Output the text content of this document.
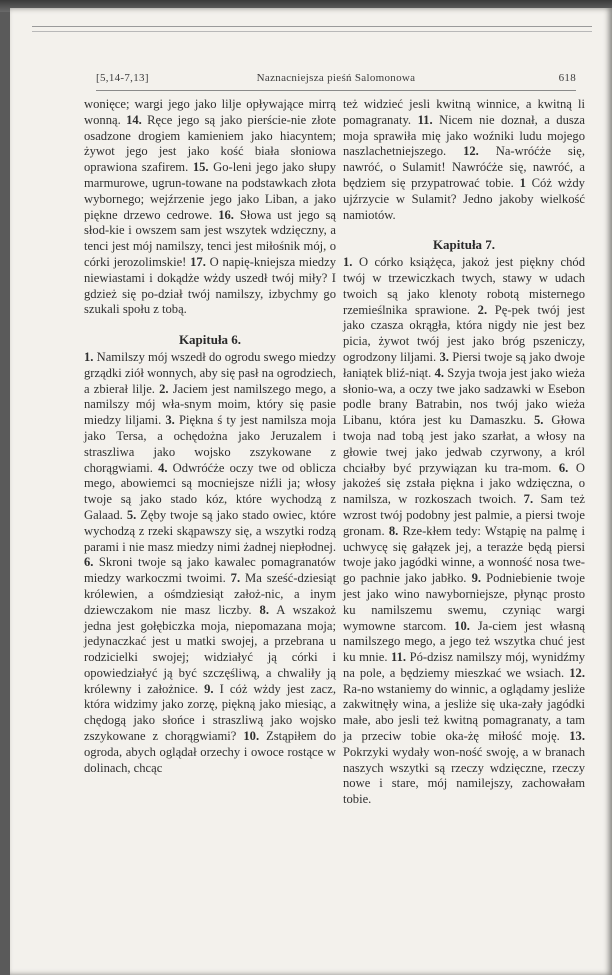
[5,14-7,13]	Naznacniejsza pieśń Salomonowa	618

wonięce; wargi jego jako lilje opływające mirrą wonną. 14. Ręce jego są jako pierście-nie złote osadzone drogiem kamieniem jako hiacyntem; żywot jego jest jako kość biała słoniowa oprawiona szafirem. 15. Go-leni jego jako słupy marmurowe, ugrun-towane na podstawkach złota wybornego; wejźrzenie jego jako Liban, a jako piękne drzewo cedrowe. 16. Słowa ust jego są słod-kie i owszem sam jest wszytek wdzięczny, a tenci jest mój namilszy, tenci jest miłośnik mój, o córki jerozolimskie! 17. O napię-kniejsza miedzy niewiastami i dokądże wżdy uszedł twój miły? I gdzież się po-dział twój namilszy, izbychmy go szukali społu z tobą.

Kapituła 6.

1. Namilszy mój wszedł do ogrodu swego miedzy grządki ziół wonnych, aby się pasł na ogrodziech, a zbierał lilje. 2. Jaciem jest namilszego mego, a namilszy mój wła-snym moim, który się pasie miedzy liljami. 3. Piękna ś ty jest namilsza moja jako Tersa, a ochędożna jako Jeruzalem i straszliwa jako wojsko zszykowane z chorągwiami. 4. Odwróćże oczy twe od oblicza mego, abowiemci są mocniejsze niźli ja; włosy twoje są jako stado kóz, które wychodzą z Galaad. 5. Zęby twoje są jako stado owiec, które wychodzą z rzeki skąpawszy się, a wszytki rodzą parami i nie masz miedzy nimi żadnej niepłodnej. 6. Skroni twoje są jako kawalec pomagranatów miedzy warkoczmi twoimi. 7. Ma sześć-dziesiąt królewien, a ośmdziesiąt założ-nic, a inym dziewczakom nie masz liczby. 8. A wszakoż jedna jest gołębiczka moja, niepomazana moja; jedynaczkać jest u matki swojej, a przebrana u rodzicielki swojej; widziałyć ją córki i opowiedziałyć ją być szczęśliwą, a chwaliły ją królewny i założnice. 9. I cóż wżdy jest zacz, która widzimy jako zorzę, piękną jako miesiąc, a chędogą jako słońce i straszliwą jako wojsko zszykowane z chorągwiami? 10. Zstąpiłem do ogroda, abych oglądał orzechy i owoce rostące w dolinach, chcąc

też widzieć jesli kwitną winnice, a kwitną li pomagranaty. 11. Nicem nie doznał, a dusza moja sprawiła mię jako woźniki ludu mojego naszlachetniejszego. 12. Na-wróćże się, nawróć, o Sulamit! Nawróćże się, nawróć, a będziem się przypatrować tobie. 1 Cóż wżdy ujźrzycie w Sulamit? Jedno jakoby wielkość namiotów.

Kapituła 7.

1. O córko książęca, jakoż jest piękny chód twój w trzewiczkach twych, stawy w udach twoich są jako klenoty robotą misternego rzemieślnika sprawione. 2. Pę-pek twój jest jako czasza okrągła, która nigdy nie jest bez picia, żywot twój jest jako bróg pszeniczy, ogrodzony liljami. 3. Piersi twoje są jako dwoje łaniątek bliź-niąt. 4. Szyja twoja jest jako wieża słonio-wa, a oczy twe jako sadzawki w Esebon podle brany Batrabin, nos twój jako wieża Libanu, która jest ku Damaszku. 5. Głowa twoja nad tobą jest jako szarłat, a włosy na głowie twej jako jedwab czyrwony, a król chciałby być przywiązan ku tra-mom. 6. O jakożeś się zstała piękna i jako wdzięczna, o namilsza, w rozkoszach twoich. 7. Sam też wzrost twój podobny jest palmie, a piersi twoje gronam. 8. Rze-kłem tedy: Wstąpię na palmę i uchwycę się gałązek jej, a terazże będą piersi twoje jako jagódki winne, a wonność nosa twe-go pachnie jako jabłko. 9. Podniebienie twoje jest jako wino nawyborniejsze, płynąc prosto ku namilszemu swemu, czyniąc wargi wymowne starcom. 10. Ja-ciem jest własną namilszego mego, a jego też wszytka chuć jest ku mnie. 11. Pó-dzisz namilszy mój, wynidźmy na pole, a będziemy mieszkać we wsiach. 12. Ra-no wstaniemy do winnic, a oglądamy jesliże zakwitnęły wina, a jesliże się uka-zały jagódki małe, abo jesli też kwitną pomagranaty, a tam ja przeciw tobie oka-żę miłość moję. 13. Pokrzyki wydały won-ność swoję, a w branach naszych wszytki są rzeczy wdzięczne, rzeczy nowe i stare, mój namilejszy, zachowałam tobie.
